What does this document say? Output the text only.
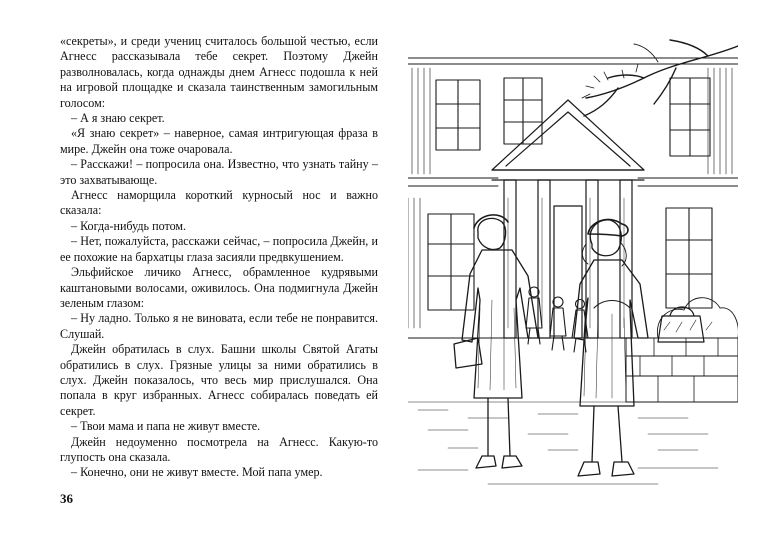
«секреты», и среди учениц считалось большой честью, если Агнесс рассказывала тебе секрет. Поэтому Джейн разволновалась, когда однажды днем Агнесс подошла к ней на игровой площадке и сказала таинственным замогильным голосом:

– А я знаю секрет.

«Я знаю секрет» – наверное, самая интригующая фраза в мире. Джейн она тоже очаровала.

– Расскажи! – попросила она. Известно, что узнать тайну – это захватывающе.

Агнесс наморщила короткий курносый нос и важно сказала:

– Когда-нибудь потом.

– Нет, пожалуйста, расскажи сейчас, – попросила Джейн, и ее похожие на бархатцы глаза засияли предвкушением.

Эльфийское личико Агнесс, обрамленное кудрявыми каштановыми волосами, оживилось. Она подмигнула Джейн зеленым глазом:

– Ну ладно. Только я не виновата, если тебе не понравится. Слушай.

Джейн обратилась в слух. Башни школы Святой Агаты обратились в слух. Грязные улицы за ними обратились в слух. Джейн показалось, что весь мир прислушался. Она попала в круг избранных. Агнесс собиралась поведать ей секрет.

– Твои мама и папа не живут вместе.

Джейн недоуменно посмотрела на Агнесс. Какую-то глупость она сказала.

– Конечно, они не живут вместе. Мой папа умер.

36
